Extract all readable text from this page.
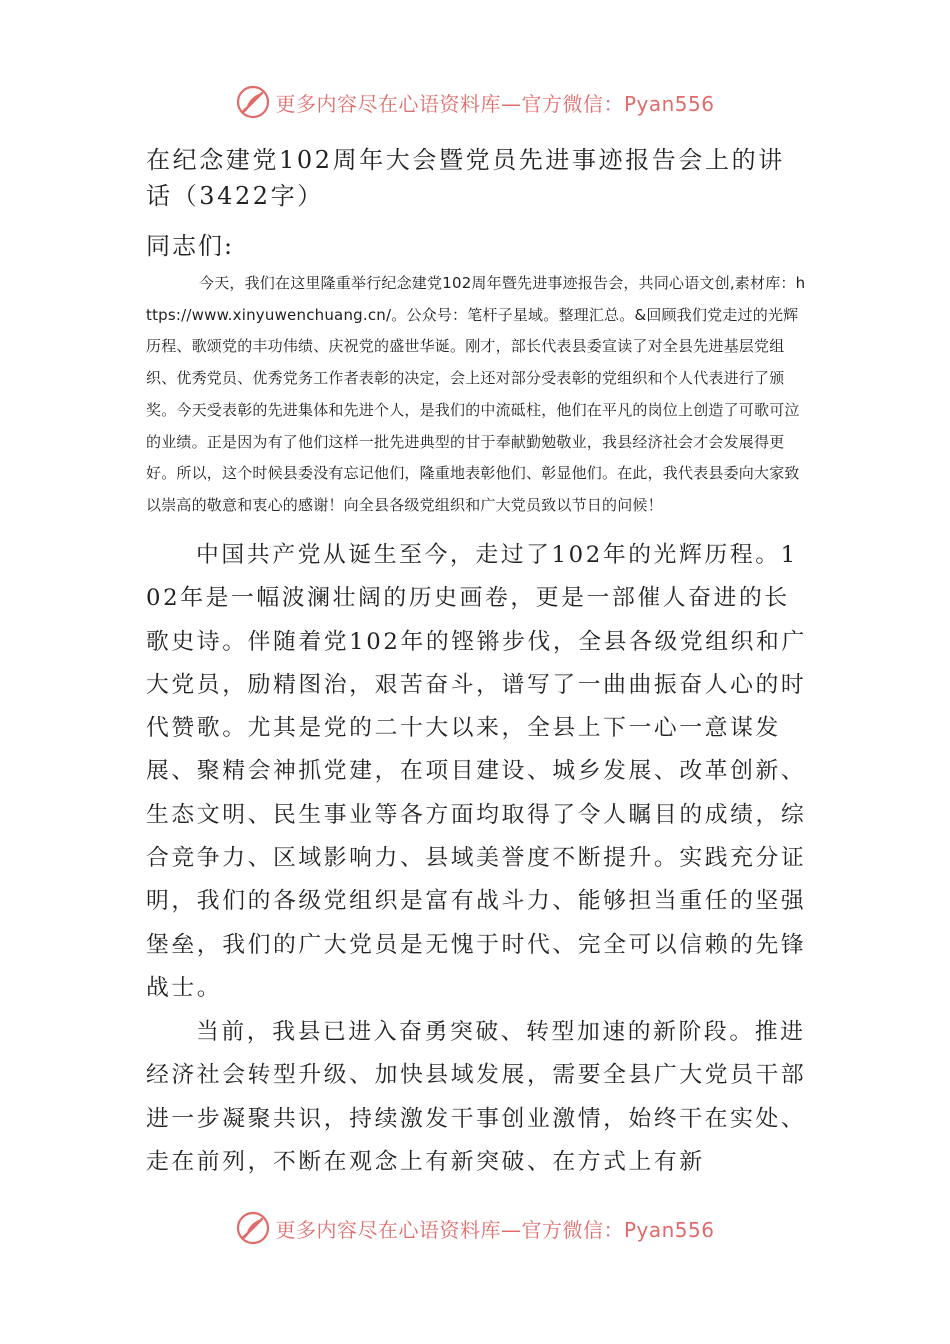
更多内容尽在心语资料库—官方微信：Pyan556
在纪念建党102周年大会暨党员先进事迹报告会上的讲话（3422字）
同志们:

今天，我们在这里隆重举行纪念建党102周年暨先进事迹报告会，共同心语文创,素材库：https://www.xinyuwenchuang.cn/。公众号：笔杆子星域。整理汇总。&回顾我们党走过的光辉历程、歌颂党的丰功伟绩、庆祝党的盛世华诞。刚才，部长代表县委宣读了对全县先进基层党组织、优秀党员、优秀党务工作者表彰的决定，会上还对部分受表彰的党组织和个人代表进行了颁奖。今天受表彰的先进集体和先进个人，是我们的中流砥柱，他们在平凡的岗位上创造了可歌可泣的业绩。正是因为有了他们这样一批先进典型的甘于奉献勤勉敬业，我县经济社会才会发展得更好。所以，这个时候县委没有忘记他们，隆重地表彰他们、彰显他们。在此，我代表县委向大家致以崇高的敬意和衷心的感谢！向全县各级党组织和广大党员致以节日的问候！

中国共产党从诞生至今，走过了102年的光辉历程。102年是一幅波澜壮阔的历史画卷，更是一部催人奋进的长歌史诗。伴随着党102年的铿锵步伐，全县各级党组织和广大党员，励精图治，艰苦奋斗，谱写了一曲曲振奋人心的时代赞歌。尤其是党的二十大以来，全县上下一心一意谋发展、聚精会神抓党建，在项目建设、城乡发展、改革创新、生态文明、民生事业等各方面均取得了令人瞩目的成绩，综合竞争力、区域影响力、县域美誉度不断提升。实践充分证明，我们的各级党组织是富有战斗力、能够担当重任的坚强堡垒，我们的广大党员是无愧于时代、完全可以信赖的先锋战士。

当前，我县已进入奋勇突破、转型加速的新阶段。推进经济社会转型升级、加快县域发展，需要全县广大党员干部进一步凝聚共识，持续激发干事创业激情，始终干在实处、走在前列，不断在观念上有新突破、在方式上有新

更多内容尽在心语资料库—官方微信：Pyan556
